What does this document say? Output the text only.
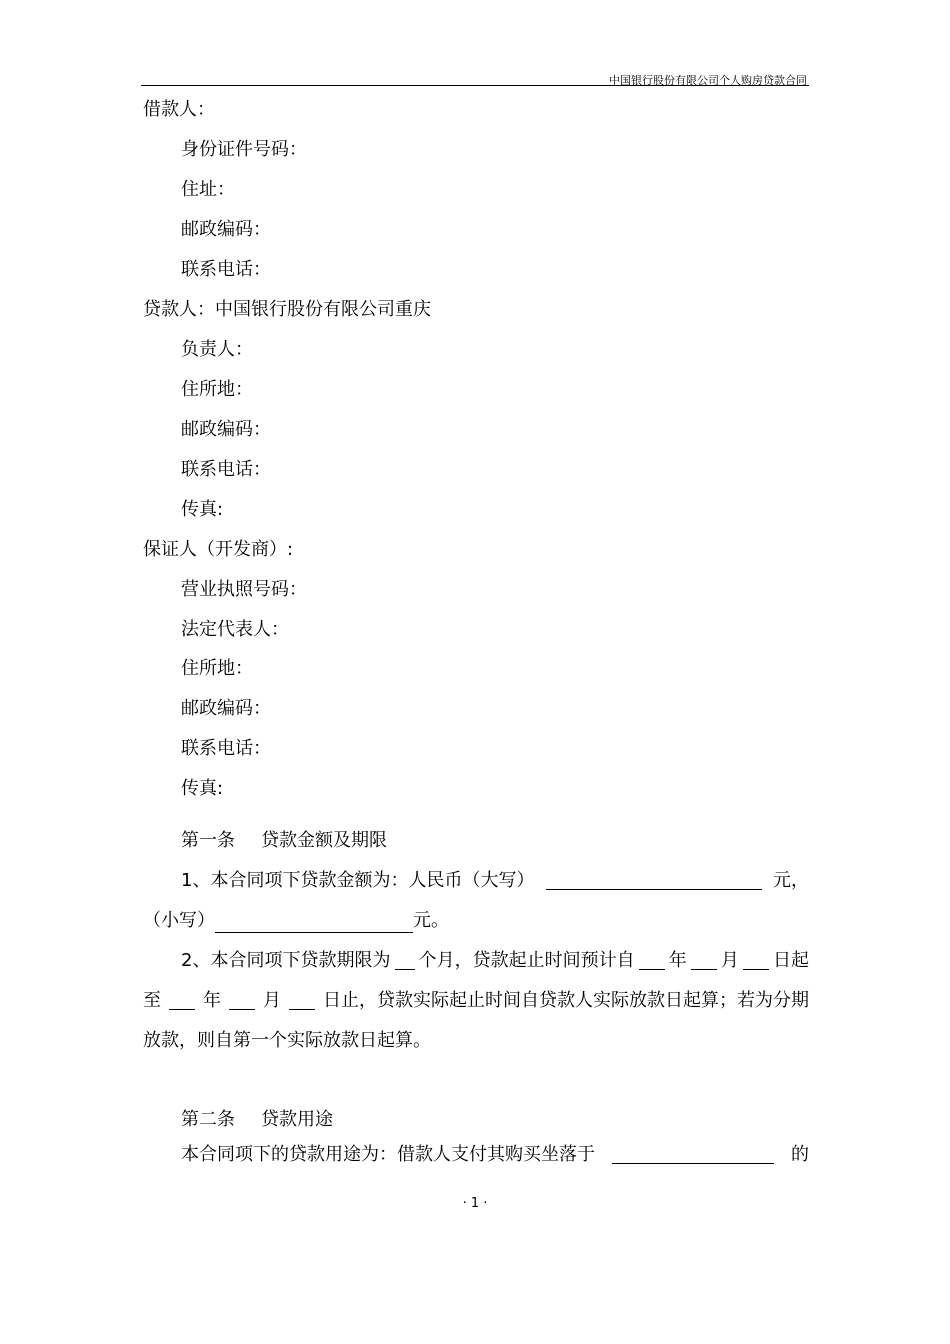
中国银行股份有限公司个人购房贷款合同
借款人：
身份证件号码：
住址：
邮政编码：
联系电话：
贷款人：中国银行股份有限公司重庆
负责人：
住所地：
邮政编码：
联系电话：
传真:
保证人（开发商）:
营业执照号码：
法定代表人：
住所地：
邮政编码：
联系电话：
传真:
第一条 贷款金额及期限
1、本合同项下贷款金额为：人民币（大写）	元，
（小写）	元。
2、本合同项下贷款期限为 个月，贷款起止时间预计自 年 月 日起
至 年 月 日止，贷款实际起止时间自贷款人实际放款日起算；若为分期
放款，则自第一个实际放款日起算。
第二条 贷款用途
本合同项下的贷款用途为：借款人支付其购买坐落于	的
· 1 ·
